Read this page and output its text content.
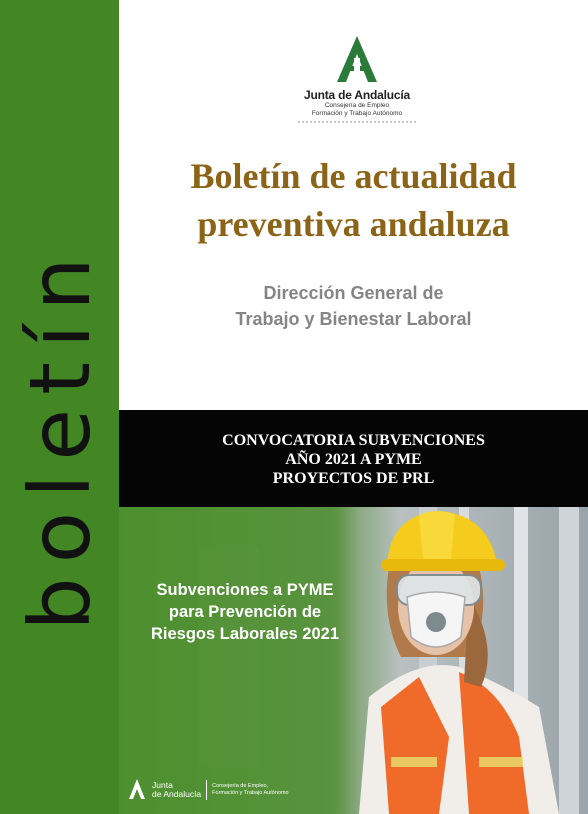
boletín
Junta de Andalucía
Consejería de Empleo
Formación y Trabajo Autónomo
Boletín de actualidad
preventiva andaluza
Dirección General de
Trabajo y Bienestar Laboral
CONVOCATORIA SUBVENCIONES
AÑO 2021 A PYME
PROYECTOS DE PRL
Subvenciones a PYME
para Prevención de
Riesgos Laborales 2021
Junta
de Andalucía
Consejería de Empleo,
Formación y Trabajo Autónomo
